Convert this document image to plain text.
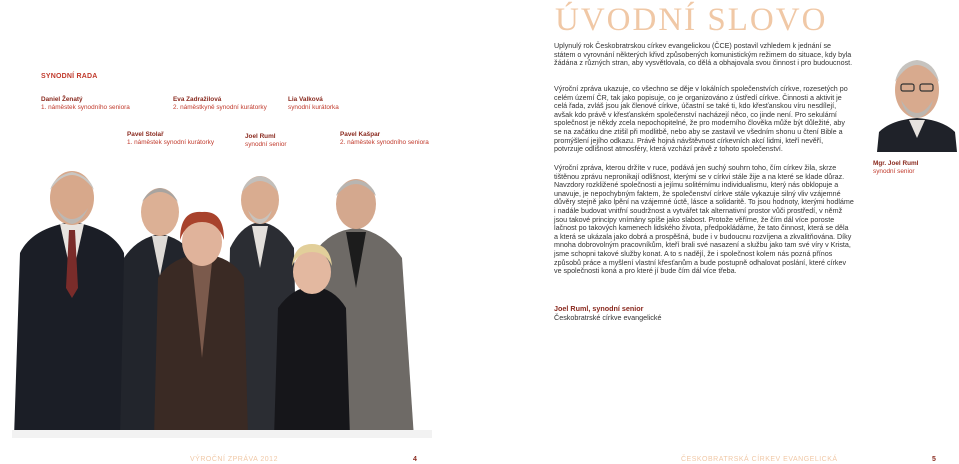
SYNODNÍ RADA
Daniel Ženatý
1. náměstek synodního seniora
Eva Zadražilová
2. náměstkyně synodní kurátorky
Lia Valková
synodní kurátorka
Pavel Stolař
1. náměstek synodní kurátorky
Joel Ruml
synodní senior
Pavel Kašpar
2. náměstek synodního seniora
VÝROČNÍ ZPRÁVA 2012	4
ÚVODNÍ SLOVO

Uplynulý rok Českobratrskou církev evangelickou (ČCE) postavil vzhledem k jednání se státem o vyrovnání některých křivd způsobených komunistickým režimem do situace, kdy byla žádána z různých stran, aby vysvětlovala, co dělá a obhajovala svou činnost i pro budoucnost.

Výroční zpráva ukazuje, co všechno se děje v lokálních společenstvích církve, rozesetých po celém území ČR, tak jako popisuje, co je organizováno z ústředí církve. Činnosti a aktivit je celá řada, zvláš jsou jak členové církve, účastní se také ti, kdo křesťanskou víru nesdílejí, avšak kdo právě v křesťanském společenství nacházejí něco, co jinde není. Pro sekulární společnost je někdy zcela nepochopitelné, že pro moderního člověka může být důležité, aby se na začátku dne ztišil při modlitbě, nebo aby se zastavil ve všedním shonu u čtení Bible a promýšlení jejího odkazu. Právě hojná návštěvnost církevních akcí lidmi, kteří nevěří, potvrzuje odlišnost atmosféry, která vzchází právě z tohoto společenství.

Výroční zpráva, kterou držíte v ruce, podává jen suchý souhrn toho, čím církev žila, skrze tištěnou zprávu nepronikají odlišnost, kterými se v církvi stále žije a na které se klade důraz. Navzdory rozkližené společnosti a jejímu solitérnímu individualismu, který nás obklopuje a unavuje, je nepochybným faktem, že společenství církve stále vykazuje silný vliv vzájemné důvěry stejně jako lpění na vzájemné úctě, lásce a solidaritě. To jsou hodnoty, kterými hodláme i nadále budovat vnitřní soudržnost a vytvářet tak alternativní prostor vůči prostředí, v němž jsou takové principy vnímány spíše jako slabost. Protože věříme, že čím dál více poroste lačnost po takových kamenech lidského života, předpokládáme, že tato činnost, která se děla a která se ukázala jako dobrá a prospěšná, bude i v budoucnu rozvíjena a zkvalitňována. Díky mnoha dobrovolným pracovníkům, kteří brali své nasazení a službu jako tam své víry v Krista, jsme schopni takové služby konat. A to s nadějí, že i společnost kolem nás pozná přínos způsobů práce a myšlení vlastní křesťanům a bude postupně odhalovat poslání, které církev ve společnosti koná a pro které jí bude čím dál více třeba.

Joel Ruml, synodní senior
Českobratrské církve evangelické
Mgr. Joel Ruml
synodní senior
ČESKOBRATRSKÁ CÍRKEV EVANGELICKÁ	5
